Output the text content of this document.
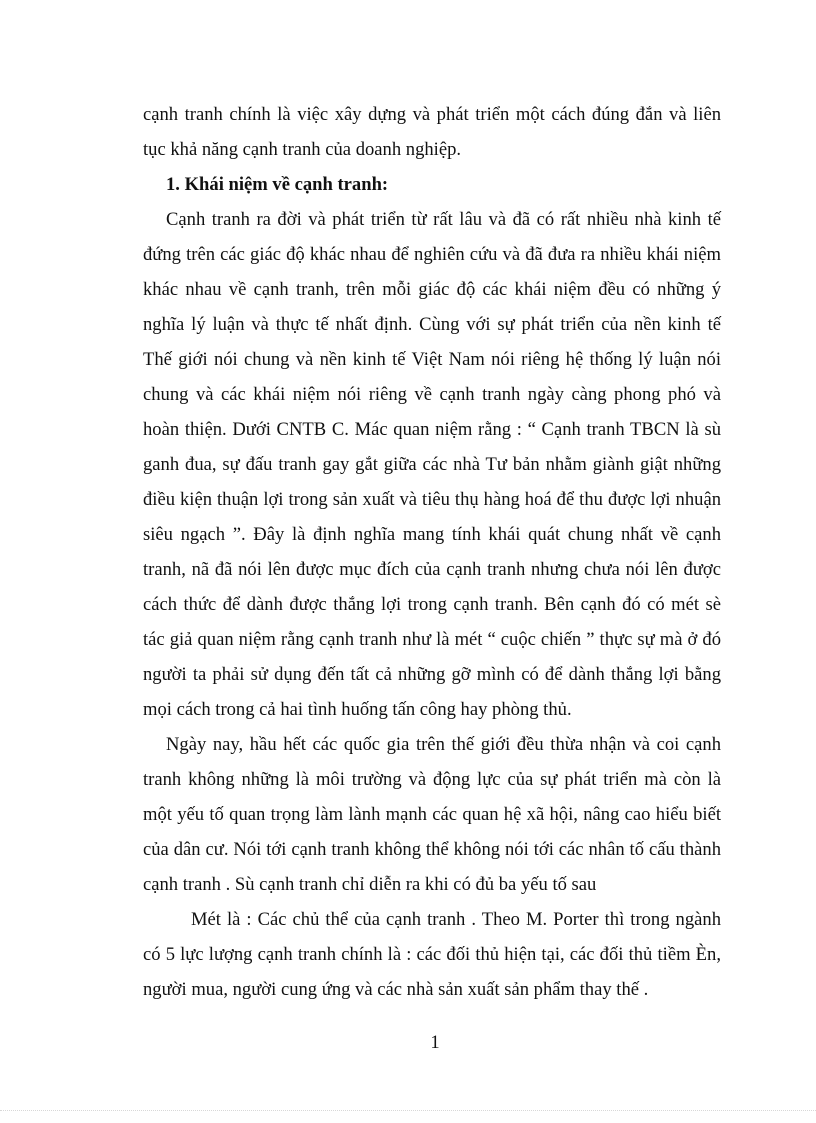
cạnh tranh chính là việc xây dựng và phát triển một cách đúng đắn và liên
tục khả năng cạnh tranh của doanh nghiệp.
1. Khái niệm về cạnh tranh:
Cạnh tranh ra đời và phát triển từ rất lâu và đã có rất nhiều nhà kinh tế
đứng trên các giác độ khác nhau để nghiên cứu và đã đưa ra nhiều khái niệm
khác nhau về cạnh tranh, trên mỗi giác độ các khái niệm đều có những ý
nghĩa lý luận và thực tế nhất định. Cùng với sự phát triển của nền kinh tế
Thế giới nói chung và nền kinh tế Việt Nam nói riêng hệ thống lý luận nói
chung và các khái niệm nói riêng về cạnh tranh ngày càng phong phó và
hoàn thiện. Dưới CNTB C. Mác quan niệm rằng : “ Cạnh tranh TBCN là sù
ganh đua, sự đấu tranh gay gắt giữa các nhà Tư bản nhằm giành giật những
điều kiện thuận lợi trong sản xuất và tiêu thụ hàng hoá để thu được lợi nhuận
siêu ngạch ”. Đây là định nghĩa mang tính khái quát chung nhất về cạnh
tranh, nã đã nói lên được mục đích của cạnh tranh nhưng chưa nói lên được
cách thức để dành được thắng lợi trong cạnh tranh. Bên cạnh đó có mét sè
tác giả quan niệm rằng cạnh tranh như là mét “ cuộc chiến ” thực sự mà ở đó
người ta phải sử dụng đến tất cả những gỡ mình có để dành thắng lợi bằng
mọi cách trong cả hai tình huống tấn công hay phòng thủ.
Ngày nay, hầu hết các quốc gia trên thế giới đều thừa nhận và coi cạnh
tranh không những là môi trường và động lực của sự phát triển mà còn là
một yếu tố quan trọng làm lành mạnh các quan hệ xã hội, nâng cao hiểu biết
của dân cư. Nói tới cạnh tranh không thể không nói tới các nhân tố cấu thành
cạnh tranh . Sù cạnh tranh chỉ diễn ra khi có đủ ba yếu tố sau
Mét là : Các chủ thể của cạnh tranh . Theo M. Porter thì trong ngành
có 5 lực lượng cạnh tranh chính là : các đối thủ hiện tại, các đối thủ tiềm Èn,
người mua, người cung ứng và các nhà sản xuất sản phẩm thay thế .
1
